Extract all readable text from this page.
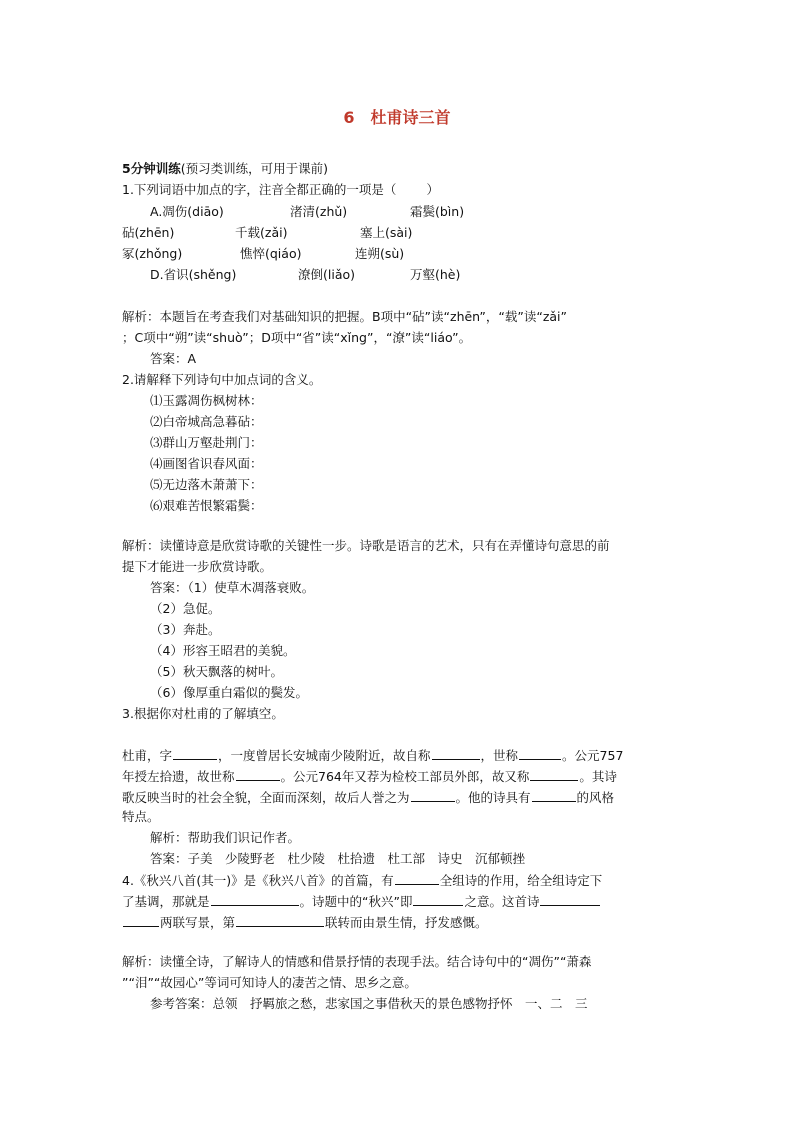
6　杜甫诗三首
5分钟训练(预习类训练，可用于课前)
1.下列词语中加点的字，注音全都正确的一项是（ ）
A.凋伤(diāo)	渚清(zhǔ)	霜鬓(bìn)
砧(zhēn)	千载(zǎi)	塞上(sài)
冢(zhǒng)	憔悴(qiáo)	连朔(sù)
D.省识(shěng)	潦倒(liǎo)	万壑(hè)
解析：本题旨在考查我们对基础知识的把握。B项中“砧”读“zhēn”，“载”读“zǎi”
；C项中“朔”读“shuò”；D项中“省”读“xǐng”，“潦”读“liáo”。
答案：A
2.请解释下列诗句中加点词的含义。
⑴玉露凋伤枫树林：
⑵白帝城高急暮砧：
⑶群山万壑赴荆门：
⑷画图省识春风面：
⑸无边落木萧萧下：
⑹艰难苦恨繁霜鬓：
解析：读懂诗意是欣赏诗歌的关键性一步。诗歌是语言的艺术，只有在弄懂诗句意思的前
提下才能进一步欣赏诗歌。
答案：（1）使草木凋落衰败。
（2）急促。
（3）奔赴。
（4）形容王昭君的美貌。
（5）秋天飘落的树叶。
（6）像厚重白霜似的鬓发。
3.根据你对杜甫的了解填空。
杜甫，字	，一度曾居长安城南少陵附近，故自称	，世称	。公元757
年授左拾遗，故世称	。公元764年又荐为检校工部员外郎，故又称	。其诗
歌反映当时的社会全貌，全面而深刻，故后人誉之为	。他的诗具有	的风格
特点。
解析：帮助我们识记作者。
答案：子美　少陵野老　杜少陵　杜拾遗　杜工部　诗史　沉郁顿挫
4.《秋兴八首(其一)》是《秋兴八首》的首篇，有	全组诗的作用，给全组诗定下
了基调，那就是	。诗题中的“秋兴”即	之意。这首诗
两联写景，第	联转而由景生情，抒发感慨。
解析：读懂全诗，了解诗人的情感和借景抒情的表现手法。结合诗句中的“凋伤”“萧森
”“泪”“故园心”等词可知诗人的凄苦之情、思乡之意。
参考答案：总领　抒羁旅之愁，悲家国之事借秋天的景色感物抒怀　一、二　三
